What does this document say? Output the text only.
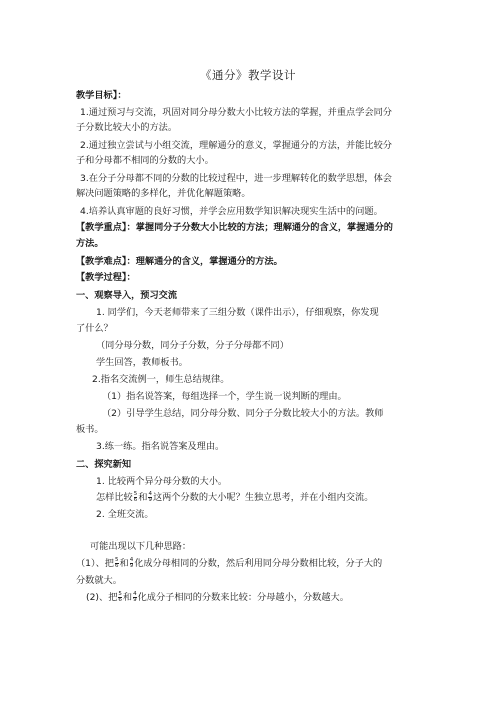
《通分》教学设计
教学目标】：
1.通过预习与交流，巩固对同分母分数大小比较方法的掌握，并重点学会同分
子分数比较大小的方法。
2.通过独立尝试与小组交流，理解通分的意义，掌握通分的方法，并能比较分
子和分母都不相同的分数的大小。
3.在分子分母都不同的分数的比较过程中，进一步理解转化的数学思想，体会
解决问题策略的多样化，并优化解题策略。
4.培养认真审题的良好习惯，并学会应用数学知识解决现实生活中的问题。
【教学重点】：掌握同分子分数大小比较的方法；理解通分的含义，掌握通分的
方法。
【教学难点】：理解通分的含义，掌握通分的方法。
【教学过程】：
一、观察导入，预习交流
1. 同学们，今天老师带来了三组分数（课件出示），仔细观察，你发现
了什么？
（同分母分数，同分子分数，分子分母都不同）
学生回答，教师板书。
2.指名交流例一，师生总结规律。
（1）指名说答案，每组选择一个，学生说一说判断的理由。
（2）引导学生总结，同分母分数、同分子分数比较大小的方法。教师
板书。
3.练一练。指名说答案及理由。
二、探究新知
1. 比较两个异分母分数的大小。
可能出现以下几种思路：
分数就大。
怎样比较 $\frac{5}{6}$ 和 $\frac{4}{9}$ 这两个分数的大小呢？生独立思考，并在小组内交流。
2. 全班交流。
（1）、把 $\frac{5}{6}$ 和 $\frac{4}{9}$ 化成分母相同的分数，然后利用同分母分数相比较，分子大的
(2)、把 $\frac{5}{6}$ 和 $\frac{4}{9}$ 化成分子相同的分数来比较：分母越小，分数越大。
